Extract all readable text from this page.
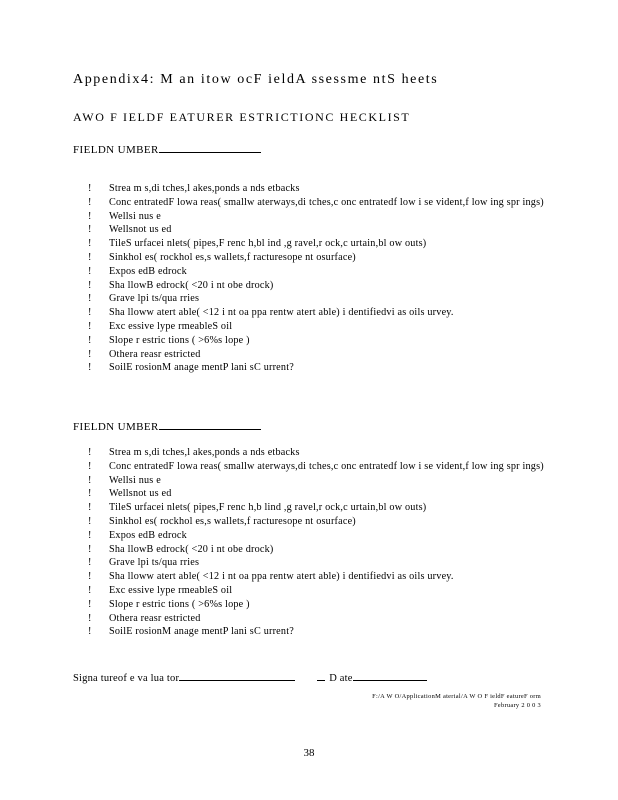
Appendix4: M an itow ocF ieldA ssessme ntS heets
AWO F IELDF EATURER ESTRICTIONC HECKLIST
FIELDN UMBER
! Strea m s,di tches,l akes,ponds a nds etbacks
! Conc entratedF lowa reas( smallw aterways,di tches,c onc entratedf low i se vident,f low ing spr ings)
! Wellsi nus e
! Wellsnot us ed
! TileS urfacei nlets( pipes,F renc h,bl ind ,g ravel,r ock,c urtain,bl ow outs)
! Sinkhol es( rockhol es,s wallets,f racturesope nt osurface)
! Expos edB edrock
! Sha llowB edrock( <20 i nt obe drock)
! Grave lpi ts/qua rries
! Sha lloww atert able( <12 i nt oa ppa rentw atert able) i dentifiedvi as oils urvey.
! Exc essive lype rmeableS oil
! Slope r estric tions ( >6%s lope )
! Othera reasr estricted
! SoilE rosionM anage mentP lani sC urrent?
FIELDN UMBER
! Strea m s,di tches,l akes,ponds a nds etbacks
! Conc entratedF lowa reas( smallw aterways,di tches,c onc entratedf low i se vident,f low ing spr ings)
! Wellsi nus e
! Wellsnot us ed
! TileS urfacei nlets( pipes,F renc h,b lind ,g ravel,r ock,c urtain,bl ow outs)
! Sinkhol es( rockhol es,s wallets,f racturesope nt osurface)
! Expos edB edrock
! Sha llowB edrock( <20 i nt obe drock)
! Grave lpi ts/qua rries
! Sha lloww atert able( <12 i nt oa ppa rentw atert able) i dentifiedvi as oils urvey.
! Exc essive lype rmeableS oil
! Slope r estric tions ( >6%s lope )
! Othera reasr estricted
! SoilE rosionM anage mentP lani sC urrent?
Signa tureof e va lua tor	D ate
F:/A W O/ApplicationM aterial/A W O F ieldF eatureF orm
February 2 0 0 3
38
